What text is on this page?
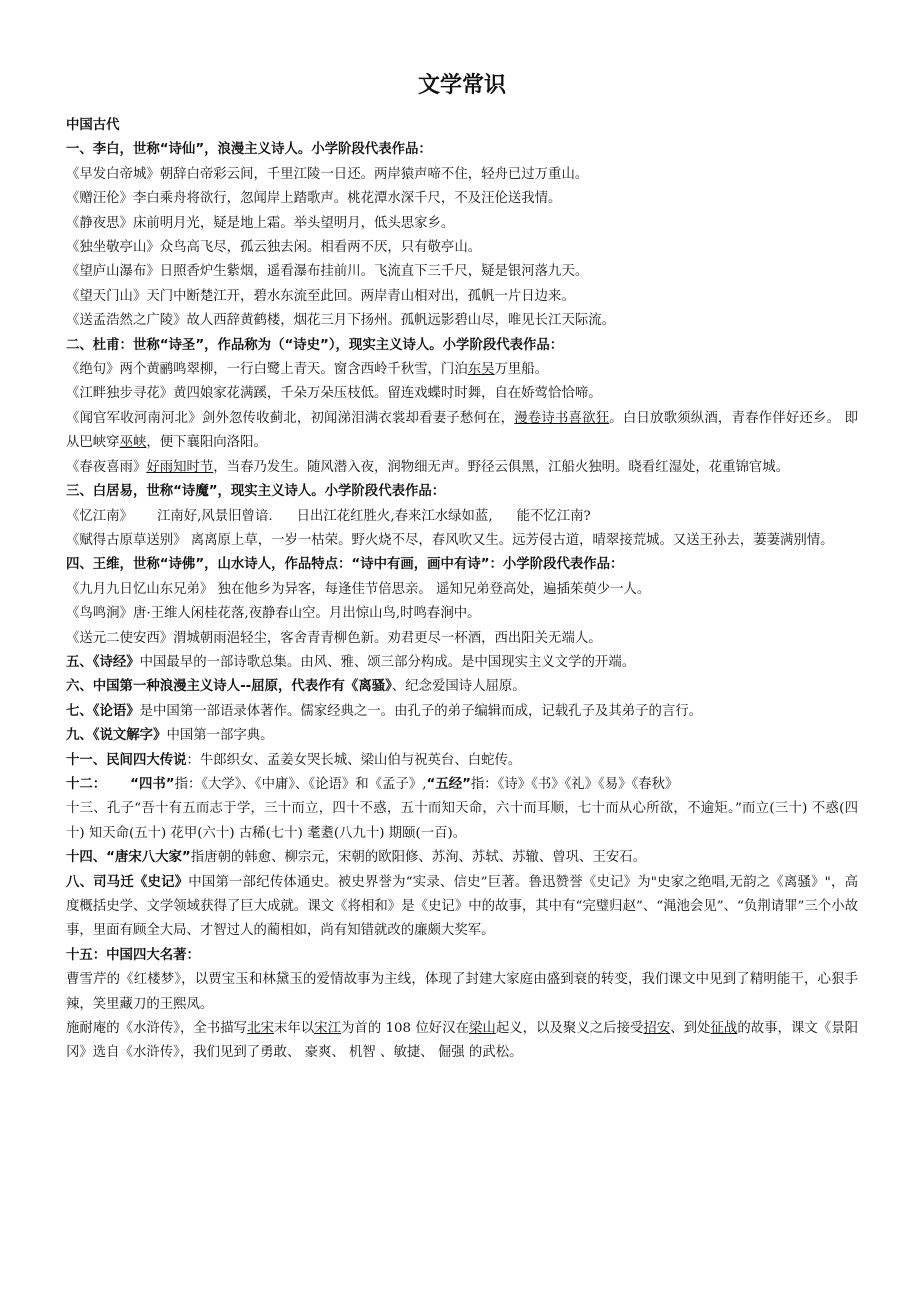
文学常识

中国古代

一、李白，世称“诗仙”，浪漫主义诗人。小学阶段代表作品：

《早发白帝城》朝辞白帝彩云间，千里江陵一日还。两岸猿声啼不住，轻舟已过万重山。

《赠汪伦》李白乘舟将欲行，忽闻岸上踏歌声。桃花潭水深千尺，不及汪伦送我情。

《静夜思》床前明月光，疑是地上霜。举头望明月，低头思家乡。

《独坐敬亭山》众鸟高飞尽，孤云独去闲。相看两不厌，只有敬亭山。

《望庐山瀑布》日照香炉生紫烟，遥看瀑布挂前川。飞流直下三千尺，疑是银河落九天。

《望天门山》天门中断楚江开，碧水东流至此回。两岸青山相对出，孤帆一片日边来。

《送孟浩然之广陵》故人西辞黄鹤楼，烟花三月下扬州。孤帆远影碧山尽，唯见长江天际流。

二、杜甫：世称“诗圣”，作品称为（“诗史”），现实主义诗人。小学阶段代表作品：

《绝句》两个黄鹂鸣翠柳，一行白鹭上青天。窗含西岭千秋雪，门泊东吴万里船。

《江畔独步寻花》黄四娘家花满蹊，千朵万朵压枝低。留连戏蝶时时舞，自在娇莺恰恰啼。

《闻官军收河南河北》剑外忽传收蓟北，初闻涕泪满衣裳却看妻子愁何在，漫卷诗书喜欲狂。白日放歌须纵酒，青春作伴好还乡。 即从巴峡穿巫峡，便下襄阳向洛阳。

《春夜喜雨》好雨知时节，当春乃发生。随风潜入夜，润物细无声。野径云俱黑，江船火独明。晓看红湿处，花重锦官城。

三、白居易，世称“诗魔”，现实主义诗人。小学阶段代表作品：

《忆江南》 江南好,风景旧曾谙. 日出江花红胜火,春来江水绿如蓝, 能不忆江南?

《赋得古原草送别》 离离原上草，一岁一枯荣。野火烧不尽，春风吹又生。远芳侵古道，晴翠接荒城。又送王孙去，萋萋满别情。

四、王维，世称“诗佛”，山水诗人，作品特点：“诗中有画，画中有诗”：小学阶段代表作品：

《九月九日忆山东兄弟》 独在他乡为异客，每逢佳节倍思亲。 遥知兄弟登高处，遍插茱萸少一人。

《鸟鸣涧》唐·王维人闲桂花落,夜静春山空。月出惊山鸟,时鸣春涧中。

《送元二使安西》渭城朝雨浥轻尘，客舍青青柳色新。劝君更尽一杯酒，西出阳关无端人。

五、《诗经》中国最早的一部诗歌总集。由风、雅、颂三部分构成。是中国现实主义文学的开端。

六、中国第一种浪漫主义诗人--屈原，代表作有《离骚》、纪念爱国诗人屈原。

七、《论语》是中国第一部语录体著作。儒家经典之一。由孔子的弟子编辑而成，记载孔子及其弟子的言行。

九、《说文解字》中国第一部字典。

十一、民间四大传说：牛郎织女、孟姜女哭长城、梁山伯与祝英台、白蛇传。

十二： “四书”指：《大学》、《中庸》、《论语》和《孟子》,“五经”指：《诗》《书》《礼》《易》《春秋》

十三、孔子“吾十有五而志于学，三十而立，四十不惑，五十而知天命，六十而耳顺，七十而从心所欲，不逾矩。”而立(三十) 不惑(四十) 知天命(五十) 花甲(六十) 古稀(七十) 耄耋(八九十) 期颐(一百)。

十四、“唐宋八大家”指唐朝的韩愈、柳宗元，宋朝的欧阳修、苏洵、苏轼、苏辙、曾巩、王安石。

八、司马迁《史记》中国第一部纪传体通史。被史界誉为“实录、信史”巨著。鲁迅赞誉《史记》为"史家之绝唱,无韵之《离骚》"，高度概括史学、文学领域获得了巨大成就。课文《将相和》是《史记》中的故事，其中有“完璧归赵”、“渑池会见”、“负荆请罪”三个小故事，里面有顾全大局、才智过人的蔺相如，尚有知错就改的廉颇大奖军。

十五：中国四大名著：

曹雪芹的《红楼梦》，以贾宝玉和林黛玉的爱情故事为主线，体现了封建大家庭由盛到衰的转变，我们课文中见到了精明能干，心狠手辣，笑里藏刀的王熙凤。

施耐庵的《水浒传》，全书描写北宋末年以宋江为首的 108 位好汉在梁山起义，以及聚义之后接受招安、到处征战的故事，课文《景阳冈》选自《水浒传》，我们见到了勇敢、 豪爽、 机智 、敏捷、 倔强 的武松。
